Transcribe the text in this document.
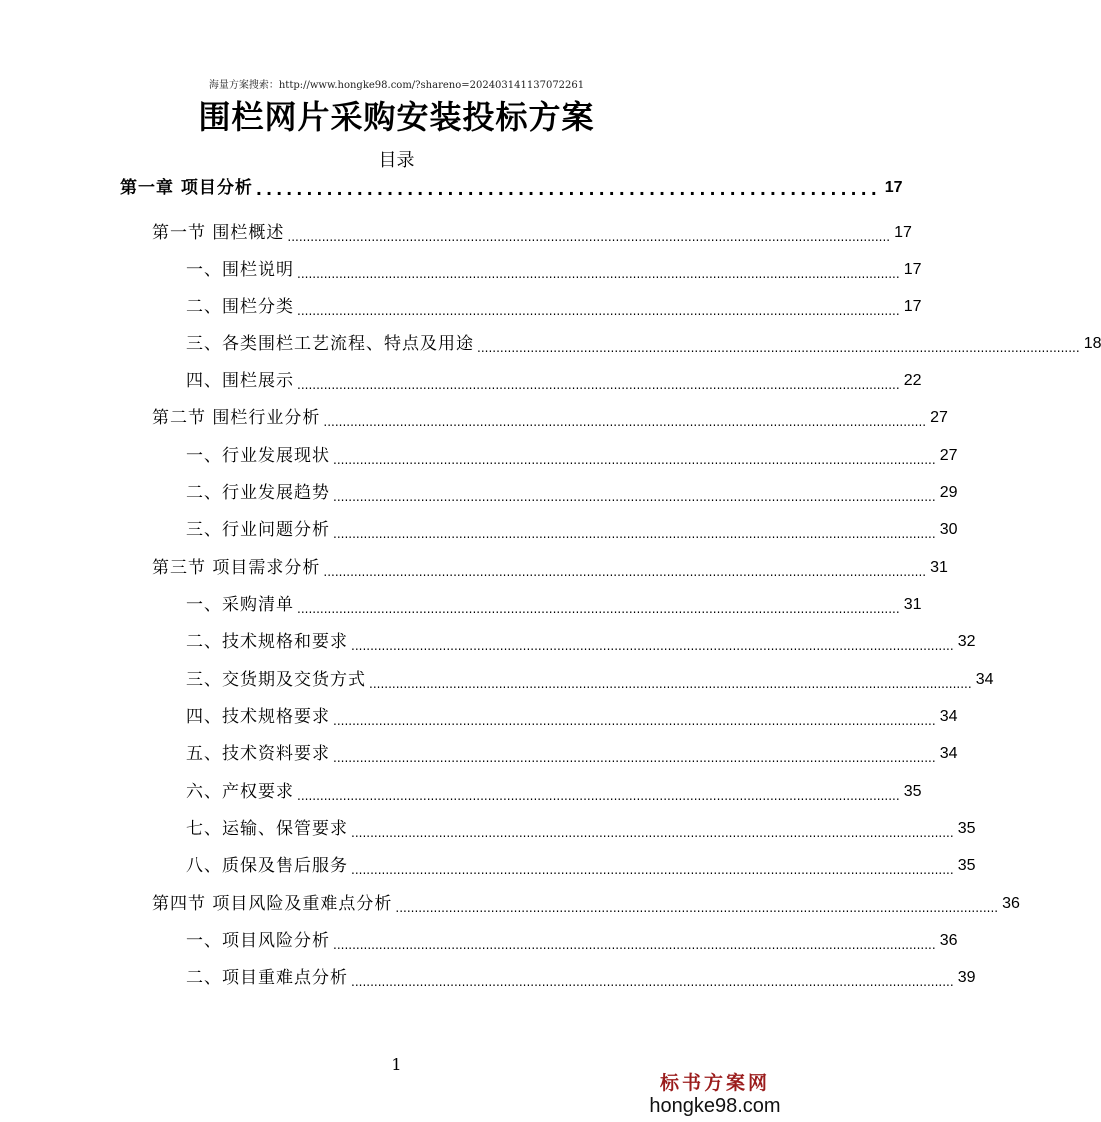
海量方案搜索：http://www.hongke98.com/?shareno=202403141137072261
围栏网片采购安装投标方案
目录
第一章 项目分析 .............................................................. 17
第一节 围栏概述 .............................................................................................................................................................. 17
一、围栏说明 .............................................................................................................................................................. 17
二、围栏分类 .............................................................................................................................................................. 17
三、各类围栏工艺流程、特点及用途 .............................................................................................................................................................. 18
四、围栏展示 .............................................................................................................................................................. 22
第二节 围栏行业分析 .............................................................................................................................................................. 27
一、行业发展现状 .............................................................................................................................................................. 27
二、行业发展趋势 .............................................................................................................................................................. 29
三、行业问题分析 .............................................................................................................................................................. 30
第三节 项目需求分析 .............................................................................................................................................................. 31
一、采购清单 .............................................................................................................................................................. 31
二、技术规格和要求 .............................................................................................................................................................. 32
三、交货期及交货方式 .............................................................................................................................................................. 34
四、技术规格要求 .............................................................................................................................................................. 34
五、技术资料要求 .............................................................................................................................................................. 34
六、产权要求 .............................................................................................................................................................. 35
七、运输、保管要求 .............................................................................................................................................................. 35
八、质保及售后服务 .............................................................................................................................................................. 35
第四节 项目风险及重难点分析 .............................................................................................................................................................. 36
一、项目风险分析 .............................................................................................................................................................. 36
二、项目重难点分析 .............................................................................................................................................................. 39
1
标书方案网
hongke98.com
